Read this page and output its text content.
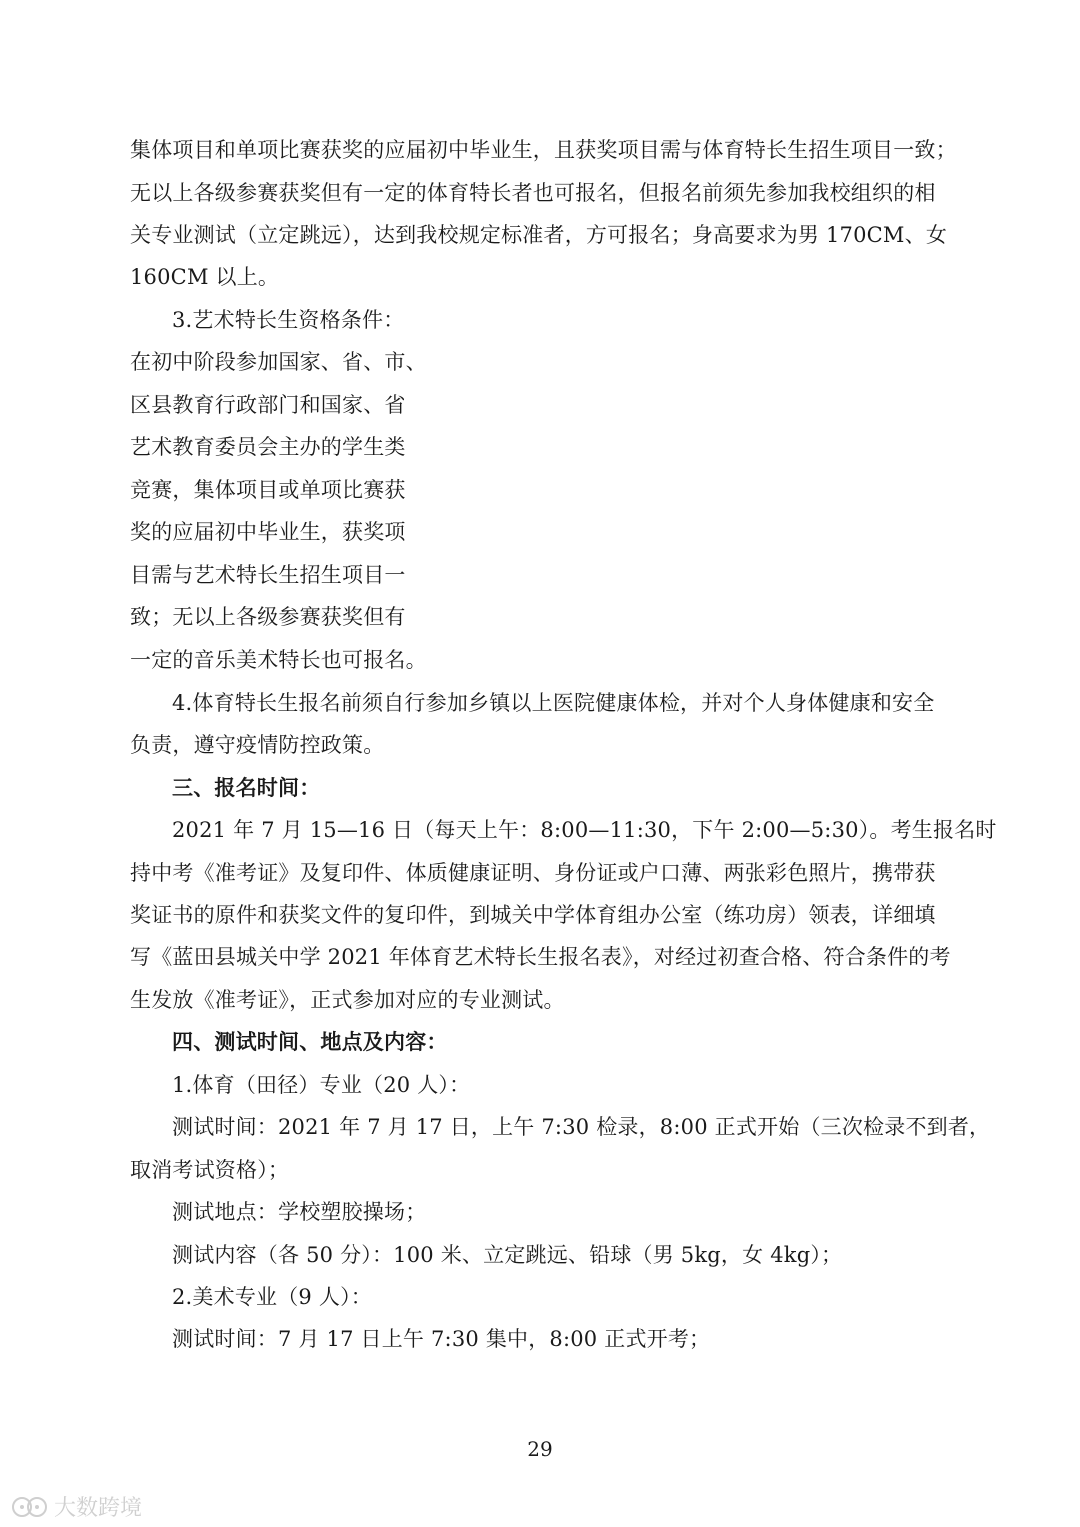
集体项目和单项比赛获奖的应届初中毕业生，且获奖项目需与体育特长生招生项目一致；
无以上各级参赛获奖但有一定的体育特长者也可报名，但报名前须先参加我校组织的相
关专业测试（立定跳远），达到我校规定标准者，方可报名；身高要求为男 170CM、女
160CM 以上。
3.艺术特长生资格条件：
在初中阶段参加国家、省、市、
区县教育行政部门和国家、省
艺术教育委员会主办的学生类
竞赛，集体项目或单项比赛获
奖的应届初中毕业生，获奖项
目需与艺术特长生招生项目一
致；无以上各级参赛获奖但有
一定的音乐美术特长也可报名。
4.体育特长生报名前须自行参加乡镇以上医院健康体检，并对个人身体健康和安全
负责，遵守疫情防控政策。
三、报名时间：
2021 年 7 月 15—16 日（每天上午：8:00—11:30，下午 2:00—5:30）。考生报名时
持中考《准考证》及复印件、体质健康证明、身份证或户口薄、两张彩色照片，携带获
奖证书的原件和获奖文件的复印件，到城关中学体育组办公室（练功房）领表，详细填
写《蓝田县城关中学 2021 年体育艺术特长生报名表》，对经过初查合格、符合条件的考
生发放《准考证》，正式参加对应的专业测试。
四、测试时间、地点及内容：
1.体育（田径）专业（20 人）：
测试时间：2021 年 7 月 17 日，上午 7:30 检录，8:00 正式开始（三次检录不到者，
取消考试资格）；
测试地点：学校塑胶操场；
测试内容（各 50 分）：100 米、立定跳远、铅球（男 5kg，女 4kg）；
2.美术专业（9 人）：
测试时间：7 月 17 日上午 7:30 集中，8:00 正式开考；
29
大数跨境
